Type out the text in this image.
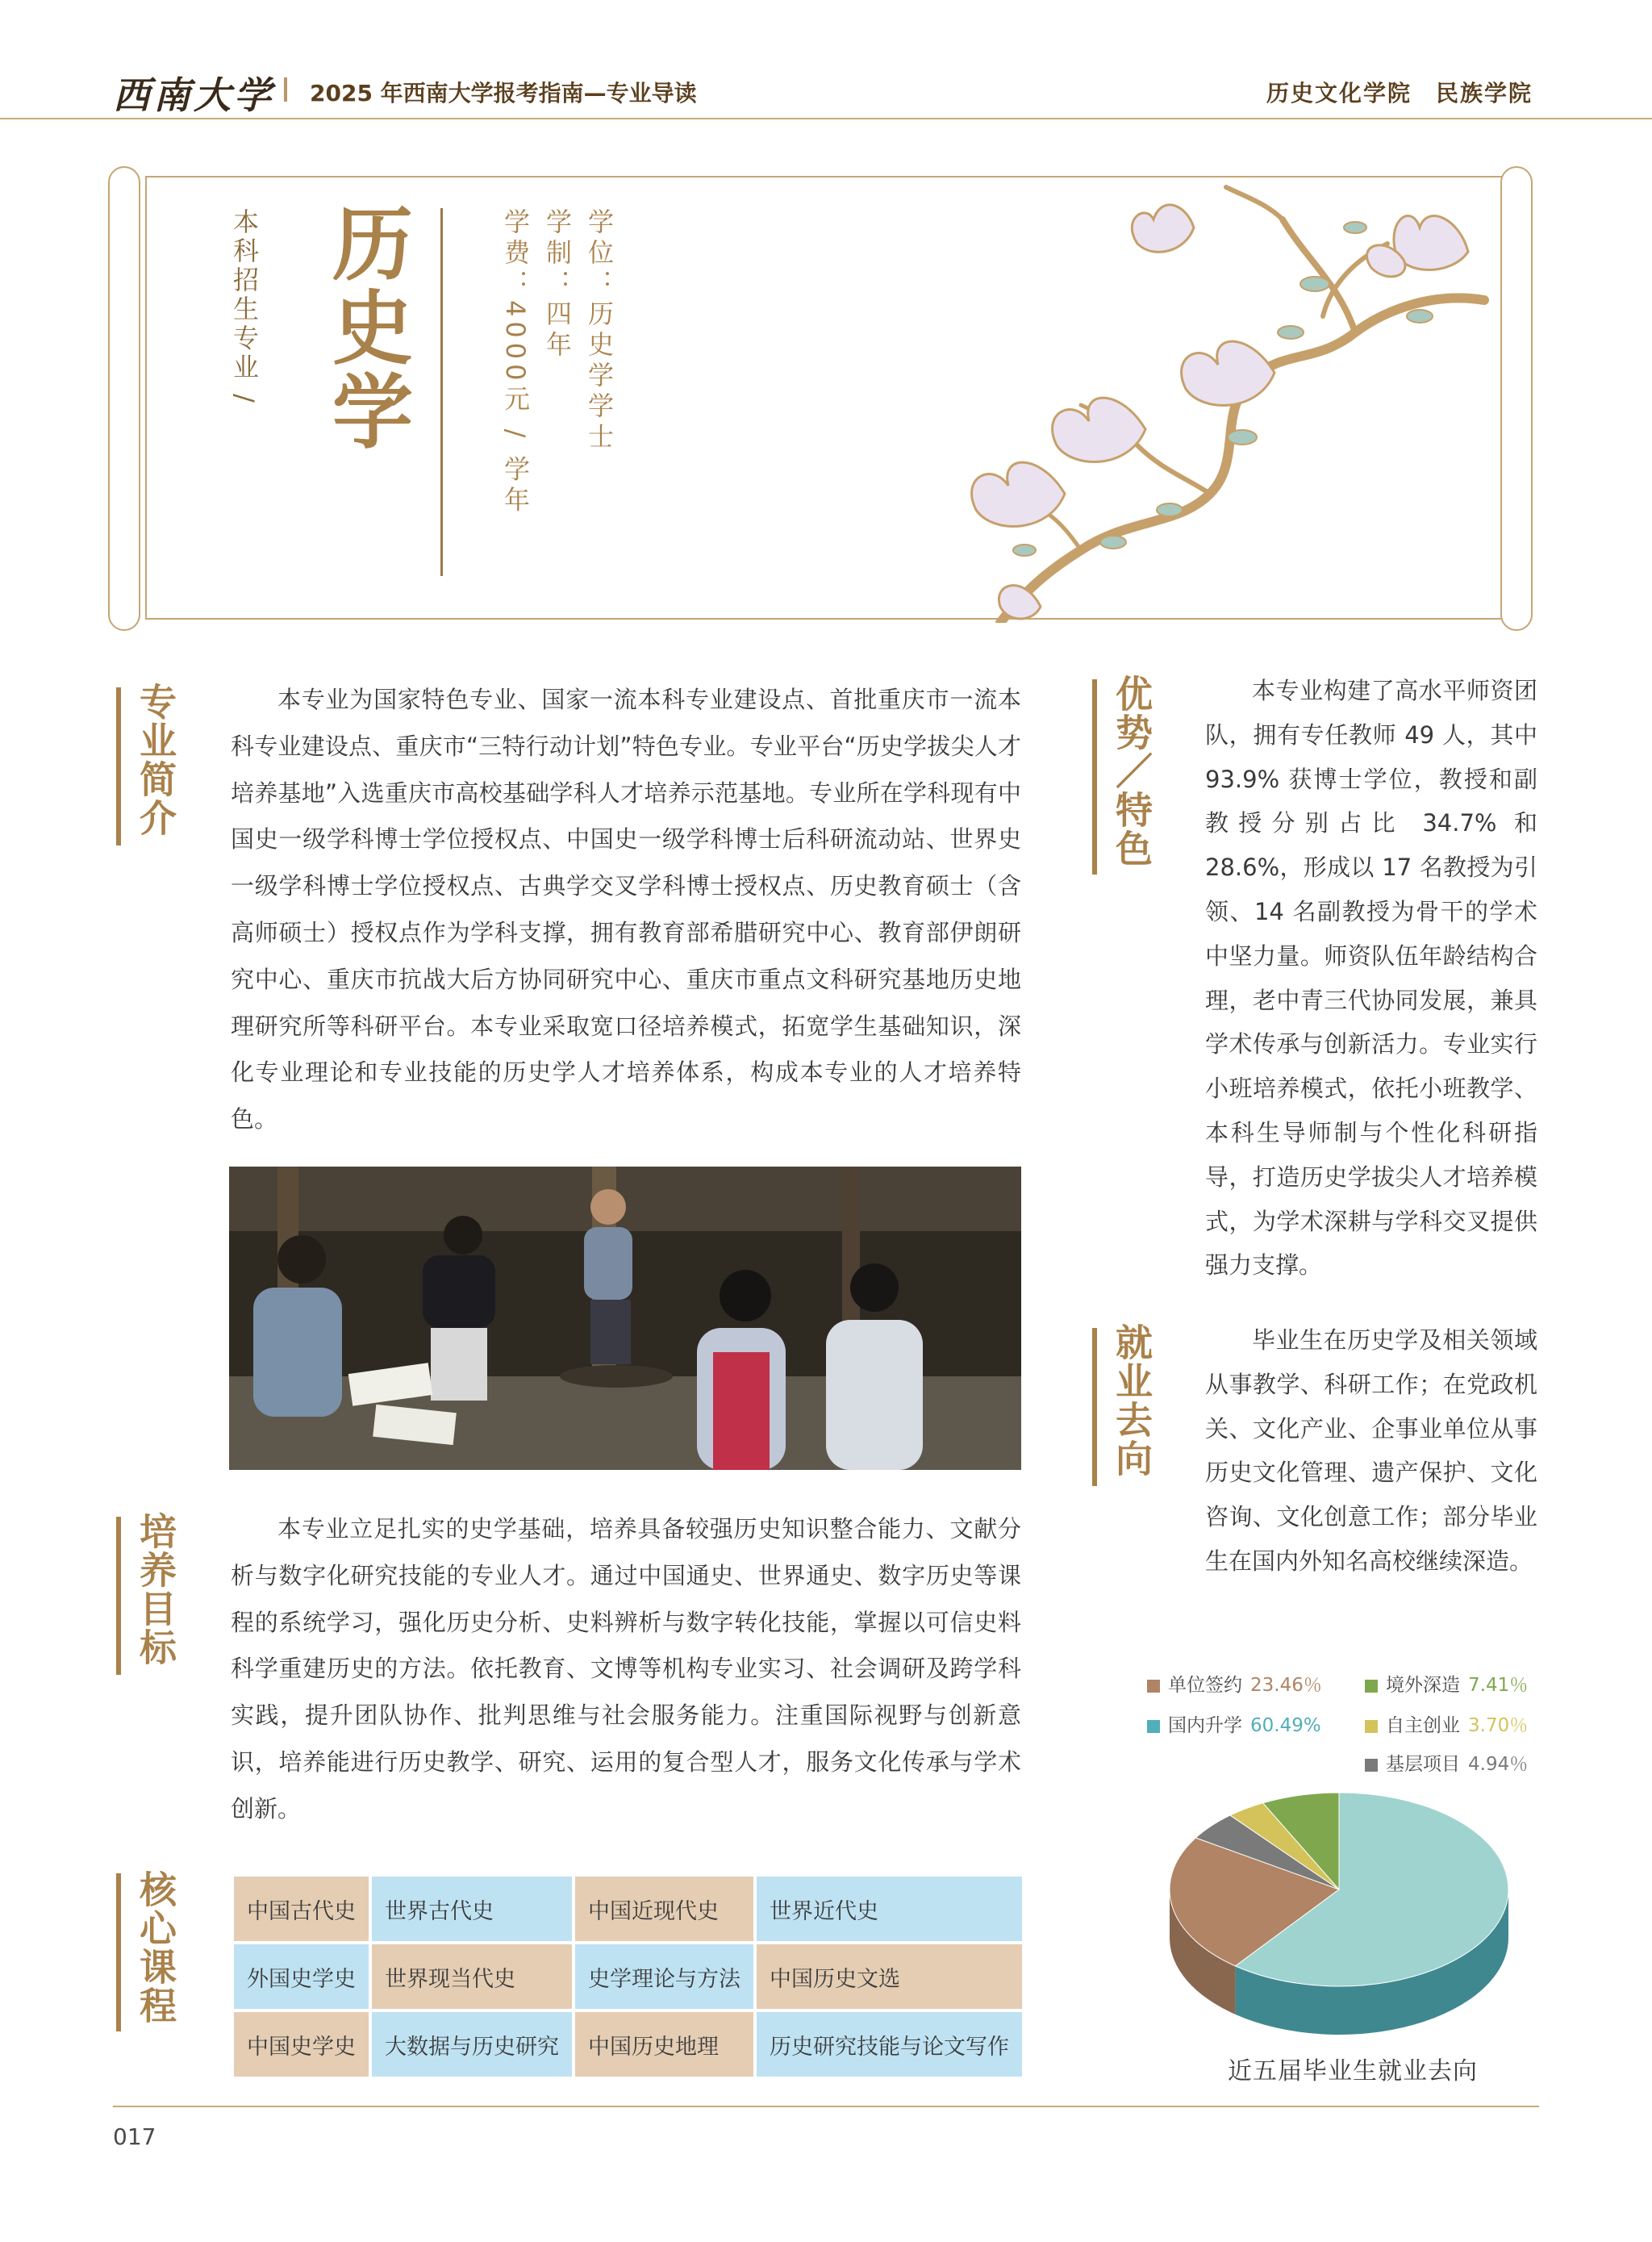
西南大学 2025 年西南大学报考指南—专业导读	历史文化学院　民族学院
本科招生专业 / 历史学	学位：历史学学士
学制：四年
学费：4000元 / 学年
专业简介	本专业为国家特色专业、国家一流本科专业建设点、首批重庆市一流本科专业建设点、重庆市“三特行动计划”特色专业。专业平台“历史学拔尖人才培养基地”入选重庆市高校基础学科人才培养示范基地。专业所在学科现有中国史一级学科博士学位授权点、中国史一级学科博士后科研流动站、世界史一级学科博士学位授权点、古典学交叉学科博士授权点、历史教育硕士（含高师硕士）授权点作为学科支撑，拥有教育部希腊研究中心、教育部伊朗研究中心、重庆市抗战大后方协同研究中心、重庆市重点文科研究基地历史地理研究所等科研平台。本专业采取宽口径培养模式，拓宽学生基础知识，深化专业理论和专业技能的历史学人才培养体系，构成本专业的人才培养特色。
培养目标	本专业立足扎实的史学基础，培养具备较强历史知识整合能力、文献分析与数字化研究技能的专业人才。通过中国通史、世界通史、数字历史等课程的系统学习，强化历史分析、史料辨析与数字转化技能，掌握以可信史料科学重建历史的方法。依托教育、文博等机构专业实习、社会调研及跨学科实践，提升团队协作、批判思维与社会服务能力。注重国际视野与创新意识，培养能进行历史教学、研究、运用的复合型人才，服务文化传承与学术创新。
核心课程	中国古代史	世界古代史	中国近现代史	世界近代史
外国史学史	世界现当代史	史学理论与方法	中国历史文选
中国史学史	大数据与历史研究	中国历史地理	历史研究技能与论文写作
优势／特色	本专业构建了高水平师资团队，拥有专任教师 49 人，其中 93.9% 获博士学位，教授和副教授分别占比 34.7% 和 28.6%，形成以 17 名教授为引领、14 名副教授为骨干的学术中坚力量。师资队伍年龄结构合理，老中青三代协同发展，兼具学术传承与创新活力。专业实行小班培养模式，依托小班教学、本科生导师制与个性化科研指导，打造历史学拔尖人才培养模式，为学术深耕与学科交叉提供强力支撑。
就业去向	毕业生在历史学及相关领域从事教学、科研工作；在党政机关、文化产业、企事业单位从事历史文化管理、遗产保护、文化咨询、文化创意工作；部分毕业生在国内外知名高校继续深造。
单位签约 23.46％	境外深造 7.41％
国内升学 60.49%	自主创业 3.70％
基层项目 4.94％
近五届毕业生就业去向
017
